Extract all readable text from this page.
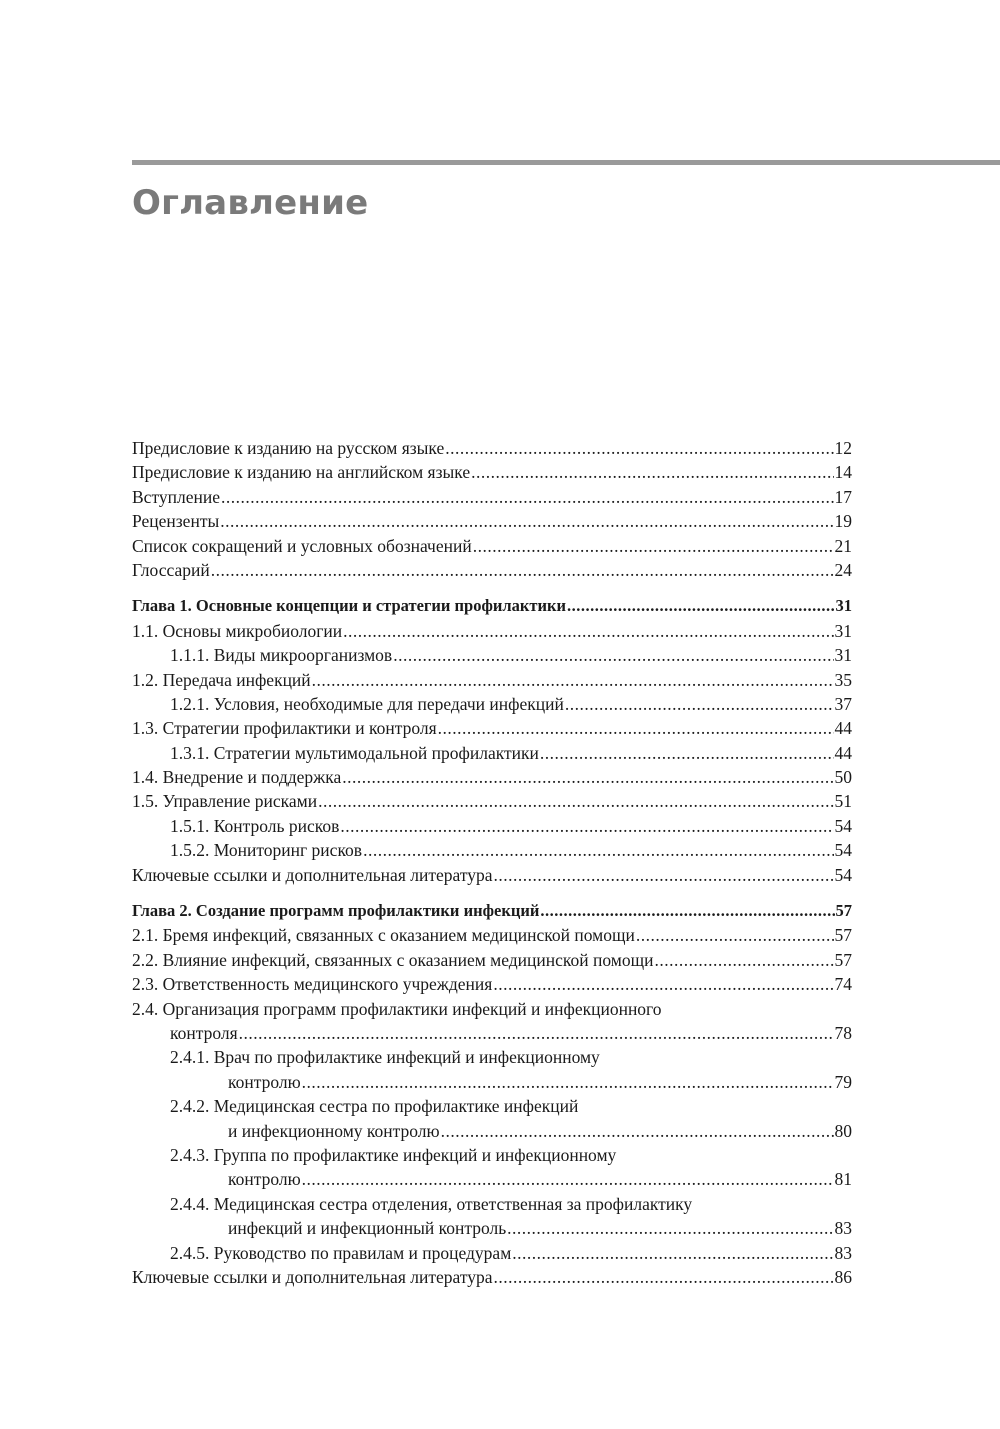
Оглавление
Предисловие к изданию на русском языке .....	12
Предисловие к изданию на английском языке .....	14
Вступление .....	17
Рецензенты .....	19
Список сокращений и условных обозначений .....	21
Глоссарий .....	24
Глава 1. Основные концепции и стратегии профилактики .....	31
1.1. Основы микробиологии .....	31
1.1.1. Виды микроорганизмов .....	31
1.2. Передача инфекций .....	35
1.2.1. Условия, необходимые для передачи инфекций .....	37
1.3. Стратегии профилактики и контроля .....	44
1.3.1. Стратегии мультимодальной профилактики .....	44
1.4. Внедрение и поддержка .....	50
1.5. Управление рисками .....	51
1.5.1. Контроль рисков .....	54
1.5.2. Мониторинг рисков .....	54
Ключевые ссылки и дополнительная литература .....	54
Глава 2. Создание программ профилактики инфекций .....	57
2.1. Бремя инфекций, связанных с оказанием медицинской помощи .....	57
2.2. Влияние инфекций, связанных с оказанием медицинской помощи .....	57
2.3. Ответственность медицинского учреждения .....	74
2.4. Организация программ профилактики инфекций и инфекционного
контроля .....	78
2.4.1. Врач по профилактике инфекций и инфекционному
контролю .....	79
2.4.2. Медицинская сестра по профилактике инфекций
и инфекционному контролю .....	80
2.4.3. Группа по профилактике инфекций и инфекционному
контролю .....	81
2.4.4. Медицинская сестра отделения, ответственная за профилактику
инфекций и инфекционный контроль .....	83
2.4.5. Руководство по правилам и процедурам .....	83
Ключевые ссылки и дополнительная литература .....	86
